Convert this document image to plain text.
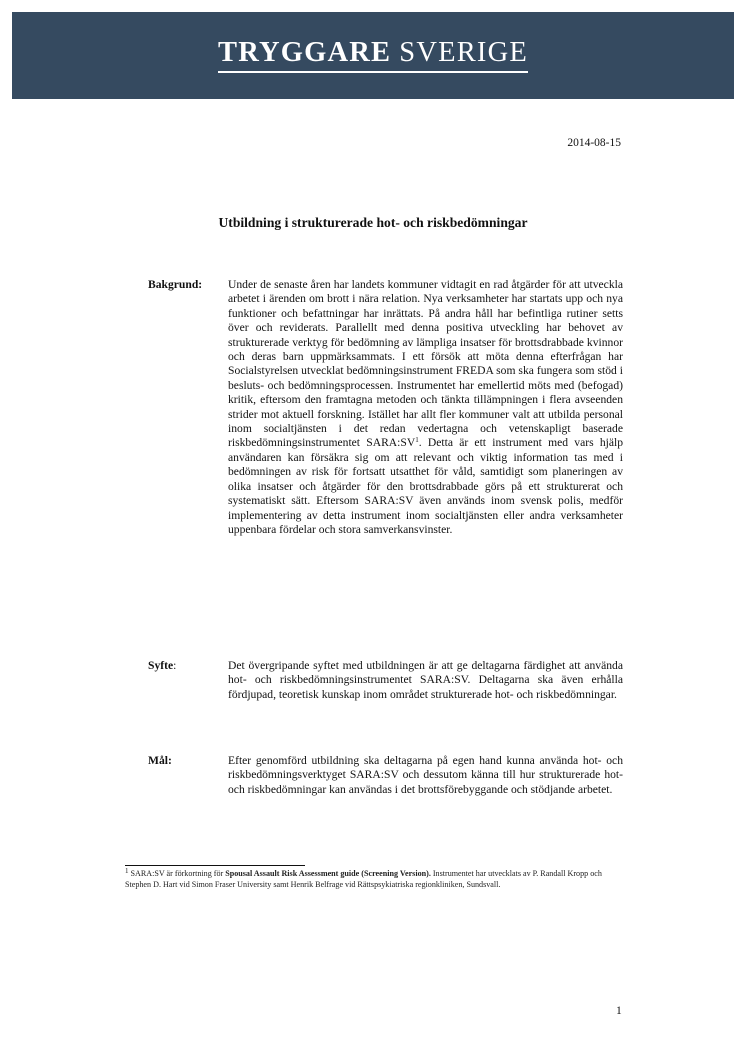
TRYGGARE SVERIGE
2014-08-15
Utbildning i strukturerade hot- och riskbedömningar
Bakgrund: Under de senaste åren har landets kommuner vidtagit en rad åtgärder för att utveckla arbetet i ärenden om brott i nära relation. Nya verksamheter har startats upp och nya funktioner och befattningar har inrättats. På andra håll har befintliga rutiner setts över och reviderats. Parallellt med denna positiva utveckling har behovet av strukturerade verktyg för bedömning av lämpliga insatser för brottsdrabbade kvinnor och deras barn uppmärksammats. I ett försök att möta denna efterfrågan har Socialstyrelsen utvecklat bedömningsinstrument FREDA som ska fungera som stöd i besluts- och bedömningsprocessen. Instrumentet har emellertid möts med (befogad) kritik, eftersom den framtagna metoden och tänkta tillämpningen i flera avseenden strider mot aktuell forskning. Istället har allt fler kommuner valt att utbilda personal inom socialtjänsten i det redan vedertagna och vetenskapligt baserade riskbedömningsinstrumentet $SARA:SV^1$. Detta är ett instrument med vars hjälp användaren kan försäkra sig om att relevant och viktig information tas med i bedömningen av risk för fortsatt utsatthet för våld, samtidigt som planeringen av olika insatser och åtgärder för den brottsdrabbade görs på ett strukturerat och systematiskt sätt. Eftersom SARA:SV även används inom svensk polis, medför implementering av detta instrument inom socialtjänsten eller andra verksamheter uppenbara fördelar och stora samverkansvinster.
Syfte:	Det övergripande syftet med utbildningen är att ge deltagarna färdighet att använda hot- och riskbedömningsinstrumentet SARA:SV. Deltagarna ska även erhålla fördjupad, teoretisk kunskap inom området strukturerade hot- och riskbedömningar.
Mål:	Efter genomförd utbildning ska deltagarna på egen hand kunna använda hot- och riskbedömningsverktyget SARA:SV och dessutom känna till hur strukturerade hot- och riskbedömningar kan användas i det brottsförebyggande och stödjande arbetet.
1 SARA:SV är förkortning för Spousal Assault Risk Assessment guide (Screening Version). Instrumentet har utvecklats av P. Randall Kropp och Stephen D. Hart vid Simon Fraser University samt Henrik Belfrage vid Rättspsykiatriska regionkliniken, Sundsvall.
1
